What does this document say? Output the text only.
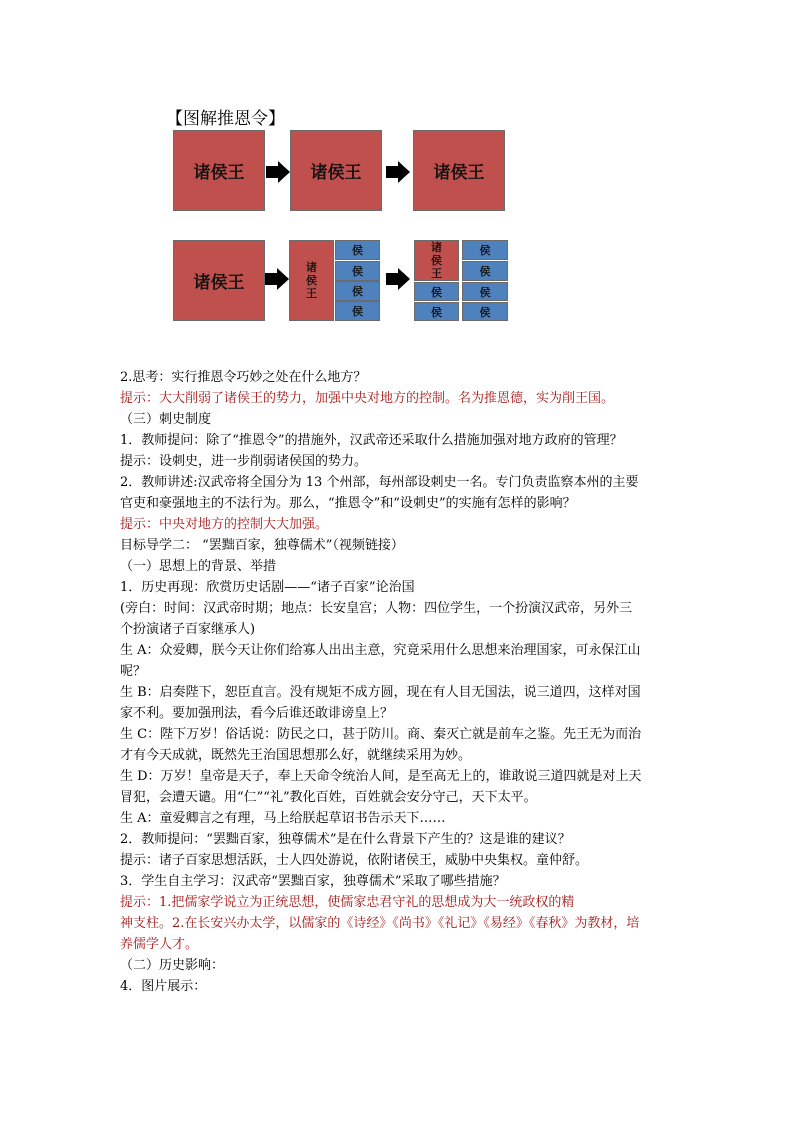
【图解推恩令】
诸侯王	诸侯王	诸侯王
诸侯王
诸
侯
王
侯
侯
侯
侯
诸
侯
王
侯
侯
侯
侯
侯
侯
2.思考：实行推恩令巧妙之处在什么地方？
提示：大大削弱了诸侯王的势力，加强中央对地方的控制。名为推恩德，实为削王国。
（三）刺史制度
1．教师提问：除了“推恩令”的措施外，汉武帝还采取什么措施加强对地方政府的管理？
提示：设刺史，进一步削弱诸侯国的势力。
2．教师讲述:汉武帝将全国分为 13 个州部，每州部设刺史一名。专门负责监察本州的主要
官吏和豪强地主的不法行为。那么，“推恩令”和“设刺史”的实施有怎样的影响？
提示：中央对地方的控制大大加强。
目标导学二： “罢黜百家，独尊儒术”（视频链接）
（一）思想上的背景、举措
1．历史再现：欣赏历史话剧——“诸子百家”论治国
(旁白：时间：汉武帝时期；地点：长安皇宫；人物：四位学生，一个扮演汉武帝，另外三
个扮演诸子百家继承人)
生 A：众爱卿，朕今天让你们给寡人出出主意，究竟采用什么思想来治理国家，可永保江山
呢？
生 B：启奏陛下，恕臣直言。没有规矩不成方圆，现在有人目无国法，说三道四，这样对国
家不利。要加强刑法，看今后谁还敢诽谤皇上？
生 C：陛下万岁！俗话说：防民之口，甚于防川。商、秦灭亡就是前车之鉴。先王无为而治
才有今天成就，既然先王治国思想那么好，就继续采用为妙。
生 D：万岁！皇帝是天子，奉上天命令统治人间，是至高无上的，谁敢说三道四就是对上天
冒犯，会遭天谴。用“仁”“礼”教化百姓，百姓就会安分守己，天下太平。
生 A：童爱卿言之有理，马上给朕起草诏书告示天下……
2．教师提问：“罢黜百家，独尊儒术”是在什么背景下产生的？这是谁的建议？
提示：诸子百家思想活跃，士人四处游说，依附诸侯王，威胁中央集权。童仲舒。
3．学生自主学习：汉武帝“罢黜百家，独尊儒术”采取了哪些措施？
提示：1.把儒家学说立为正统思想，使儒家忠君守礼的思想成为大一统政权的精
神支柱。2.在长安兴办太学，以儒家的《诗经》《尚书》《礼记》《易经》《春秋》为教材，培
养儒学人才。
（二）历史影响：
4．图片展示：
